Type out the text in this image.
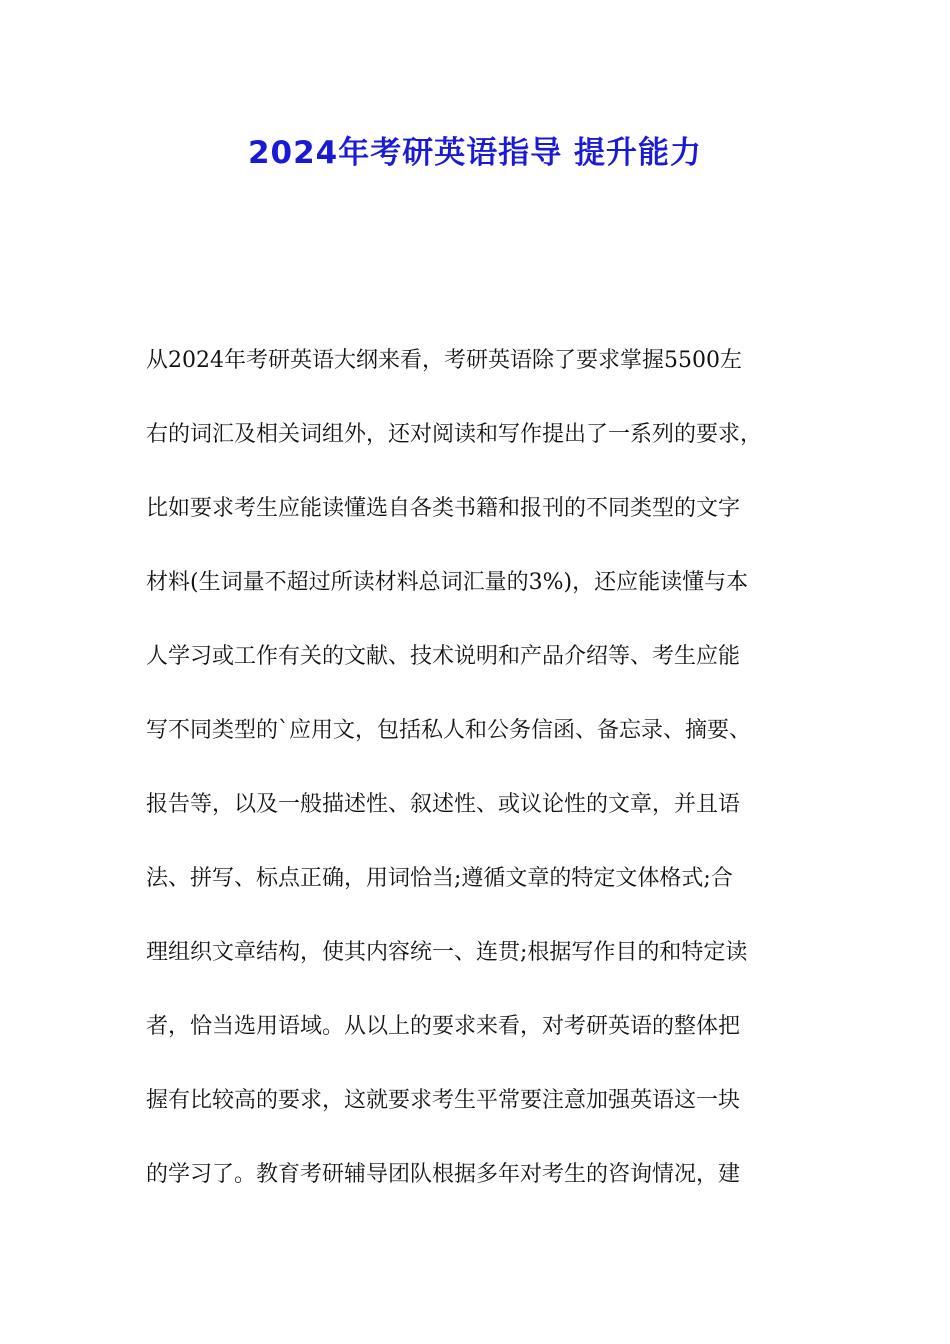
2024年考研英语指导 提升能力
从2024年考研英语大纲来看，考研英语除了要求掌握5500左
右的词汇及相关词组外，还对阅读和写作提出了一系列的要求，
比如要求考生应能读懂选自各类书籍和报刊的不同类型的文字
材料(生词量不超过所读材料总词汇量的3%)，还应能读懂与本
人学习或工作有关的文献、技术说明和产品介绍等、考生应能
写不同类型的`应用文，包括私人和公务信函、备忘录、摘要、
报告等，以及一般描述性、叙述性、或议论性的文章，并且语
法、拼写、标点正确，用词恰当;遵循文章的特定文体格式;合
理组织文章结构，使其内容统一、连贯;根据写作目的和特定读
者，恰当选用语域。从以上的要求来看，对考研英语的整体把
握有比较高的要求，这就要求考生平常要注意加强英语这一块
的学习了。教育考研辅导团队根据多年对考生的咨询情况，建
